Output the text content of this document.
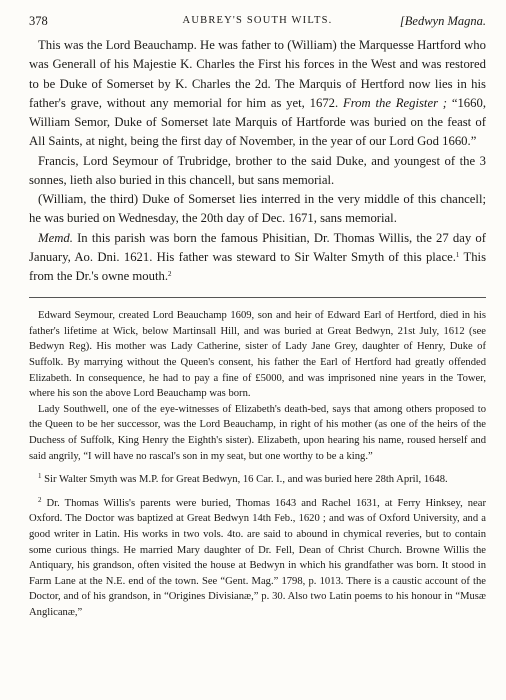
378	AUBREY'S SOUTH WILTS.	[Bedwyn Magna.

This was the Lord Beauchamp. He was father to (William) the Marquesse Hartford who was Generall of his Majestie K. Charles the First his forces in the West and was restored to be Duke of Somerset by K. Charles the 2d. The Marquis of Hertford now lies in his father's grave, without any memorial for him as yet, 1672. From the Register ; “1660, William Semor, Duke of Somerset late Marquis of Hartforde was buried on the feast of All Saints, at night, being the first day of November, in the year of our Lord God 1660.”

Francis, Lord Seymour of Trubridge, brother to the said Duke, and youngest of the 3 sonnes, lieth also buried in this chancell, but sans memorial.

(William, the third) Duke of Somerset lies interred in the very middle of this chancell; he was buried on Wednesday, the 20th day of Dec. 1671, sans memorial.

Memd. In this parish was born the famous Phisitian, Dr. Thomas Willis, the 27 day of January, Ao. Dni. 1621. His father was steward to Sir Walter Smyth of this place.$^1$ This from the Dr.'s owne mouth.$^2$

Edward Seymour, created Lord Beauchamp 1609, son and heir of Edward Earl of Hertford, died in his father's lifetime at Wick, below Martinsall Hill, and was buried at Great Bedwyn, 21st July, 1612 (see Bedwyn Reg). His mother was Lady Catherine, sister of Lady Jane Grey, daughter of Henry, Duke of Suffolk. By marrying without the Queen's consent, his father the Earl of Hertford had greatly offended Elizabeth. In consequence, he had to pay a fine of £5000, and was imprisoned nine years in the Tower, where his son the above Lord Beauchamp was born.

Lady Southwell, one of the eye-witnesses of Elizabeth's death-bed, says that among others proposed to the Queen to be her successor, was the Lord Beauchamp, in right of his mother (as one of the heirs of the Duchess of Suffolk, King Henry the Eighth's sister). Elizabeth, upon hearing his name, roused herself and said angrily, “I will have no rascal's son in my seat, but one worthy to be a king.”

$^1$ Sir Walter Smyth was M.P. for Great Bedwyn, 16 Car. I., and was buried here 28th April, 1648.

$^2$ Dr. Thomas Willis's parents were buried, Thomas 1643 and Rachel 1631, at Ferry Hinksey, near Oxford. The Doctor was baptized at Great Bedwyn 14th Feb., 1620 ; and was of Oxford University, and a good writer in Latin. His works in two vols. 4to. are said to abound in chymical reveries, but to contain some curious things. He married Mary daughter of Dr. Fell, Dean of Christ Church. Browne Willis the Antiquary, his grandson, often visited the house at Bedwyn in which his grandfather was born. It stood in Farm Lane at the N.E. end of the town. See “Gent. Mag.” 1798, p. 1013. There is a caustic account of the Doctor, and of his grandson, in “Origines Divisianæ,” p. 30. Also two Latin poems to his honour in “Musæ Anglicanæ,”
